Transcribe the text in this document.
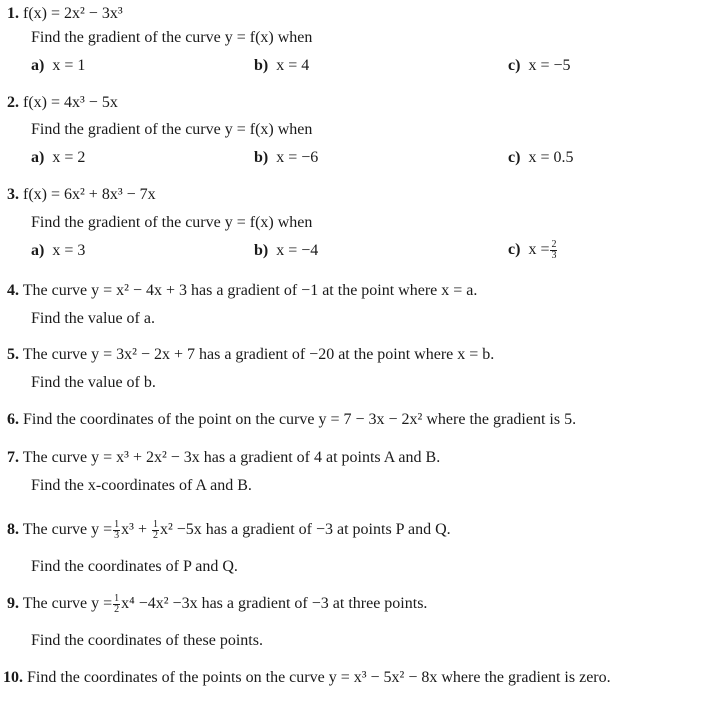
1. f(x) = 2x² − 3x³
Find the gradient of the curve y = f(x) when
a) x = 1	b) x = 4	c) x = −5
2. f(x) = 4x³ − 5x
Find the gradient of the curve y = f(x) when
a) x = 2	b) x = −6	c) x = 0.5
3. f(x) = 6x² + 8x³ − 7x
Find the gradient of the curve y = f(x) when
a) x = 3	b) x = −4	c) $x = \frac{2}{3}$
4. The curve y = x² − 4x + 3 has a gradient of −1 at the point where x = a.
Find the value of a.
5. The curve y = 3x² − 2x + 7 has a gradient of −20 at the point where x = b.
Find the value of b.
6. Find the coordinates of the point on the curve y = 7 − 3x − 2x² where the gradient is 5.
7. The curve y = x³ + 2x² − 3x has a gradient of 4 at points A and B.
Find the x-coordinates of A and B.
8. The curve $y = \frac{1}{3} x^3 + \frac{1}{2} x^2 -5x$ has a gradient of −3 at points P and Q.
Find the coordinates of P and Q.
9. The curve $y = \frac{1}{2} x^4 -4x^2 -3x$ has a gradient of −3 at three points.
Find the coordinates of these points.
10. Find the coordinates of the points on the curve y = x³ − 5x² − 8x where the gradient is zero.
